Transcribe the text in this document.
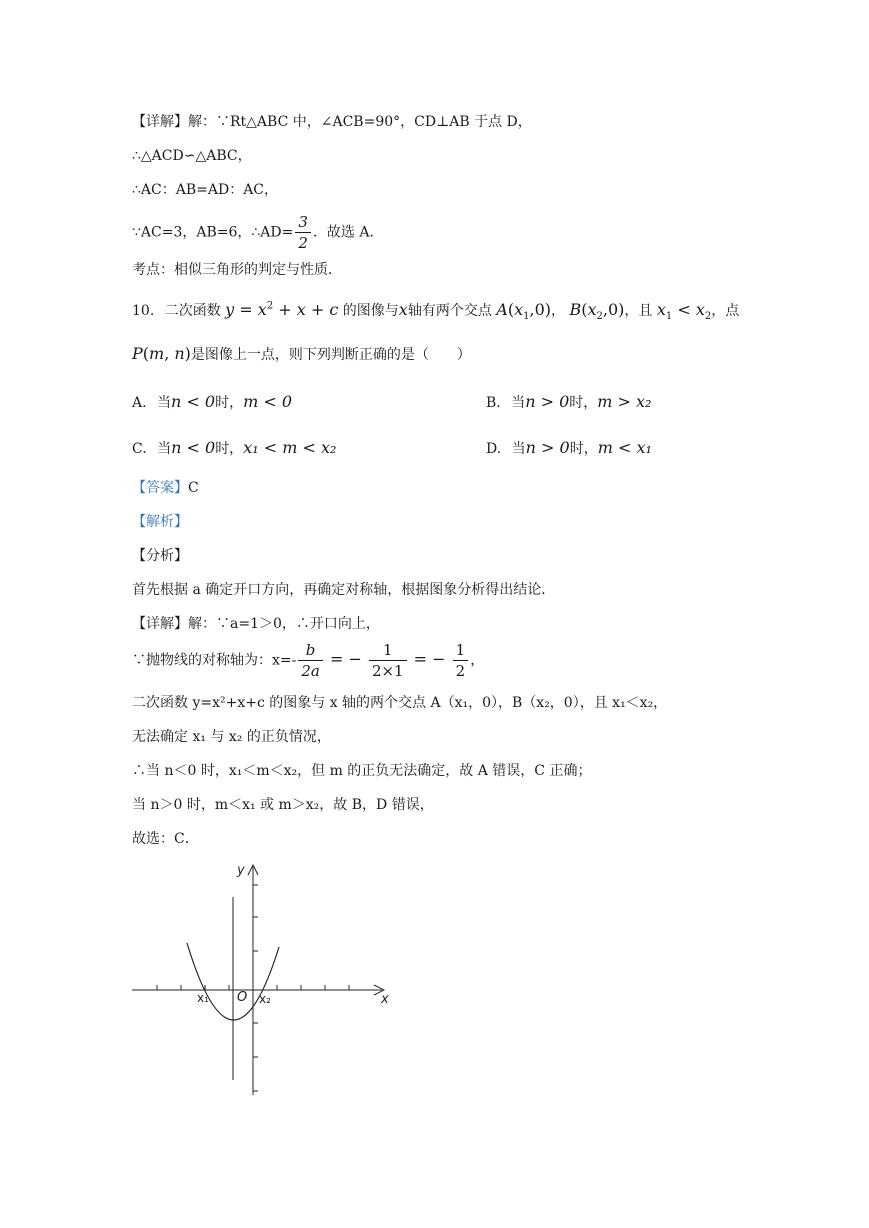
【详解】解：∵Rt△ABC 中，∠ACB=90°，CD⊥AB 于点 D，
∴△ACD∽△ABC，
∴AC：AB=AD：AC，
∵AC=3，AB=6，∴AD= $\frac{3}{2}$ ．故选 A．
考点：相似三角形的判定与性质．
10. 二次函数 $y = x^2 + x + c$ 的图像与x轴有两个交点 $A(x_1,0)$， $B(x_2,0)$，且 $x_1 < x_2$，点
P(m, n)是图像上一点，则下列判断正确的是（　　）
A. 当n < 0时，m < 0	B. 当n > 0时，m > x₂
C. 当n < 0时，x₁ < m < x₂	D. 当n > 0时，m < x₁
【答案】C
【解析】
【分析】
首先根据 a 确定开口方向，再确定对称轴，根据图象分析得出结论．
【详解】解：∵a=1＞0，∴开口向上，
∵抛物线的对称轴为：$x=- \frac{b}{2a}$ = − $\frac{1}{2\times 1}$ = − $\frac{1}{2}$ ，
二次函数 y=x²+x+c 的图象与 x 轴的两个交点 A（x₁，0），B（x₂，0），且 x₁＜x₂，
无法确定 x₁ 与 x₂ 的正负情况，
∴当 n＜0 时，x₁＜m＜x₂，但 m 的正负无法确定，故 A 错误，C 正确；
当 n＞0 时，m＜x₁ 或 m＞x₂，故 B，D 错误，
故选：C．
y
x
O
x₁	x₂
